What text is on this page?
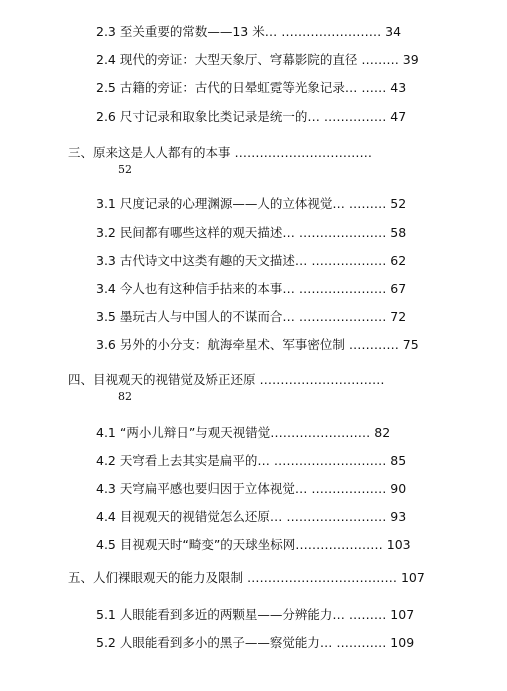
2.3 至关重要的常数——13 米… …………………… 34
2.4 现代的旁证：大型天象厅、穹幕影院的直径 ……… 39
2.5 古籍的旁证：古代的日晕虹霓等光象记录… …… 43
2.6 尺寸记录和取象比类记录是统一的… …………… 47
三、原来这是人人都有的本事 ……………………………
52
3.1 尺度记录的心理渊源——人的立体视觉… ……… 52
3.2 民间都有哪些这样的观天描述… ………………… 58
3.3 古代诗文中这类有趣的天文描述… ……………… 62
3.4 今人也有这种信手拈来的本事… ………………… 67
3.5 墨玩古人与中国人的不谋而合… ………………… 72
3.6 另外的小分支：航海牵星术、军事密位制 ………… 75
四、目视观天的视错觉及矫正还原 …………………………
82
4.1 “两小儿辩日”与观天视错觉…………………… 82
4.2 天穹看上去其实是扁平的… ……………………… 85
4.3 天穹扁平感也要归因于立体视觉… ……………… 90
4.4 目视观天的视错觉怎么还原… …………………… 93
4.5 目视观天时“畸变”的天球坐标网………………… 103
五、人们裸眼观天的能力及限制 ……………………………… 107
5.1 人眼能看到多近的两颗星——分辨能力… ……… 107
5.2 人眼能看到多小的黑子——察觉能力… ………… 109
